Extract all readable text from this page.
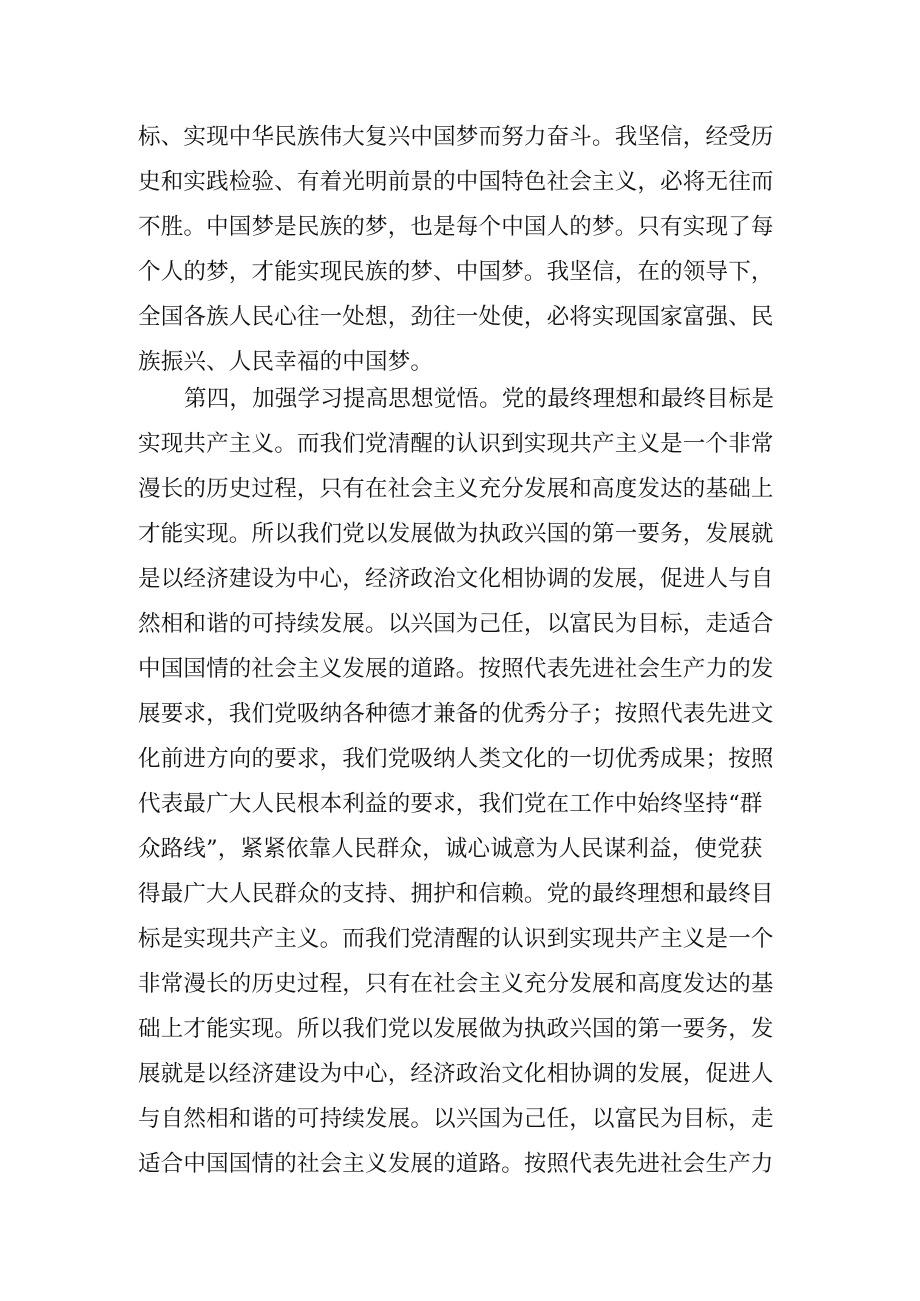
标、实现中华民族伟大复兴中国梦而努力奋斗。我坚信，经受历
史和实践检验、有着光明前景的中国特色社会主义，必将无往而
不胜。中国梦是民族的梦，也是每个中国人的梦。只有实现了每
个人的梦，才能实现民族的梦、中国梦。我坚信，在的领导下，
全国各族人民心往一处想，劲往一处使，必将实现国家富强、民
族振兴、人民幸福的中国梦。
第四，加强学习提高思想觉悟。党的最终理想和最终目标是
实现共产主义。而我们党清醒的认识到实现共产主义是一个非常
漫长的历史过程，只有在社会主义充分发展和高度发达的基础上
才能实现。所以我们党以发展做为执政兴国的第一要务，发展就
是以经济建设为中心，经济政治文化相协调的发展，促进人与自
然相和谐的可持续发展。以兴国为己任，以富民为目标，走适合
中国国情的社会主义发展的道路。按照代表先进社会生产力的发
展要求，我们党吸纳各种德才兼备的优秀分子；按照代表先进文
化前进方向的要求，我们党吸纳人类文化的一切优秀成果；按照
代表最广大人民根本利益的要求，我们党在工作中始终坚持“群
众路线”，紧紧依靠人民群众，诚心诚意为人民谋利益，使党获
得最广大人民群众的支持、拥护和信赖。党的最终理想和最终目
标是实现共产主义。而我们党清醒的认识到实现共产主义是一个
非常漫长的历史过程，只有在社会主义充分发展和高度发达的基
础上才能实现。所以我们党以发展做为执政兴国的第一要务，发
展就是以经济建设为中心，经济政治文化相协调的发展，促进人
与自然相和谐的可持续发展。以兴国为己任，以富民为目标，走
适合中国国情的社会主义发展的道路。按照代表先进社会生产力
